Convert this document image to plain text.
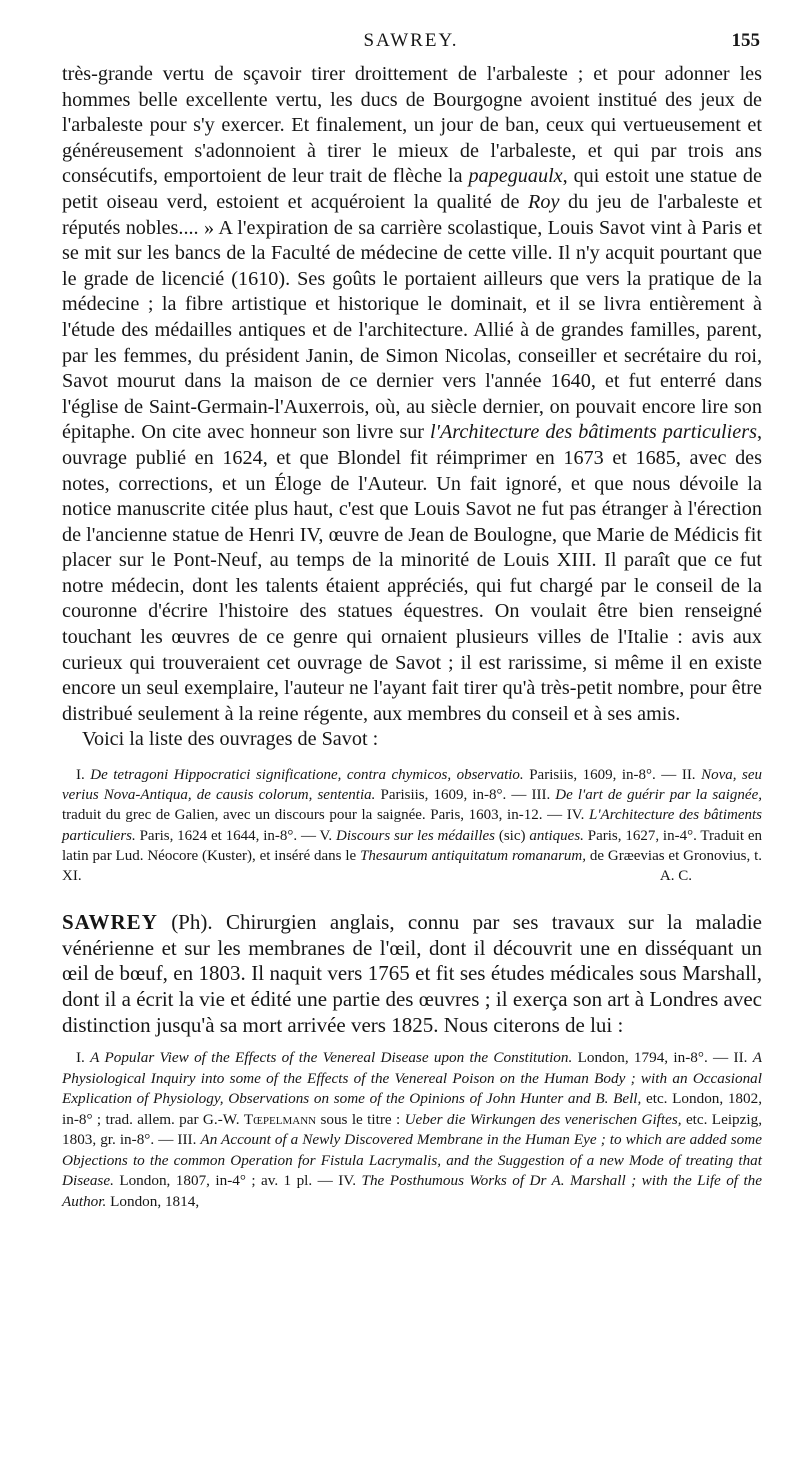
SAWREY.	155

très-grande vertu de sçavoir tirer droittement de l'arbaleste ; et pour adonner les hommes belle excellente vertu, les ducs de Bourgogne avoient institué des jeux de l'arbaleste pour s'y exercer. Et finalement, un jour de ban, ceux qui vertueusement et généreusement s'adonnoient à tirer le mieux de l'arbaleste, et qui par trois ans consécutifs, emportoient de leur trait de flèche la papeguaulx, qui estoit une statue de petit oiseau verd, estoient et acquéroient la qualité de Roy du jeu de l'arbaleste et réputés nobles.... » A l'expiration de sa carrière scolastique, Louis Savot vint à Paris et se mit sur les bancs de la Faculté de médecine de cette ville. Il n'y acquit pourtant que le grade de licencié (1610). Ses goûts le portaient ailleurs que vers la pratique de la médecine ; la fibre artistique et historique le dominait, et il se livra entièrement à l'étude des médailles antiques et de l'architecture. Allié à de grandes familles, parent, par les femmes, du président Janin, de Simon Nicolas, conseiller et secrétaire du roi, Savot mourut dans la maison de ce dernier vers l'année 1640, et fut enterré dans l'église de Saint-Germain-l'Auxerrois, où, au siècle dernier, on pouvait encore lire son épitaphe. On cite avec honneur son livre sur l'Architecture des bâtiments particuliers, ouvrage publié en 1624, et que Blondel fit réimprimer en 1673 et 1685, avec des notes, corrections, et un Éloge de l'Auteur. Un fait ignoré, et que nous dévoile la notice manuscrite citée plus haut, c'est que Louis Savot ne fut pas étranger à l'érection de l'ancienne statue de Henri IV, œuvre de Jean de Boulogne, que Marie de Médicis fit placer sur le Pont-Neuf, au temps de la minorité de Louis XIII. Il paraît que ce fut notre médecin, dont les talents étaient appréciés, qui fut chargé par le conseil de la couronne d'écrire l'histoire des statues équestres. On voulait être bien renseigné touchant les œuvres de ce genre qui ornaient plusieurs villes de l'Italie : avis aux curieux qui trouveraient cet ouvrage de Savot ; il est rarissime, si même il en existe encore un seul exemplaire, l'auteur ne l'ayant fait tirer qu'à très-petit nombre, pour être distribué seulement à la reine régente, aux membres du conseil et à ses amis.

Voici la liste des ouvrages de Savot :

I. De tetragoni Hippocratici significatione, contra chymicos, observatio. Parisiis, 1609, in-8°. — II. Nova, seu verius Nova-Antiqua, de causis colorum, sententia. Parisiis, 1609, in-8°. — III. De l'art de guérir par la saignée, traduit du grec de Galien, avec un discours pour la saignée. Paris, 1603, in-12. — IV. L'Architecture des bâtiments particuliers. Paris, 1624 et 1644, in-8°. — V. Discours sur les médailles (sic) antiques. Paris, 1627, in-4°. Traduit en latin par Lud. Néocore (Kuster), et inséré dans le Thesaurum antiquitatum romanarum, de Græevias et Gronovius, t. XI.	A. C.

SAWREY (Ph). Chirurgien anglais, connu par ses travaux sur la maladie vénérienne et sur les membranes de l'œil, dont il découvrit une en disséquant un œil de bœuf, en 1803. Il naquit vers 1765 et fit ses études médicales sous Marshall, dont il a écrit la vie et édité une partie des œuvres ; il exerça son art à Londres avec distinction jusqu'à sa mort arrivée vers 1825. Nous citerons de lui :

I. A Popular View of the Effects of the Venereal Disease upon the Constitution. London, 1794, in-8°. — II. A Physiological Inquiry into some of the Effects of the Venereal Poison on the Human Body ; with an Occasional Explication of Physiology, Observations on some of the Opinions of John Hunter and B. Bell, etc. London, 1802, in-8° ; trad. allem. par G.-W. Tœpelmann sous le titre : Ueber die Wirkungen des venerischen Giftes, etc. Leipzig, 1803, gr. in-8°. — III. An Account of a Newly Discovered Membrane in the Human Eye ; to which are added some Objections to the common Operation for Fistula Lacrymalis, and the Suggestion of a new Mode of treating that Disease. London, 1807, in-4° ; av. 1 pl. — IV. The Posthumous Works of Dr A. Marshall ; with the Life of the Author. London, 1814,
